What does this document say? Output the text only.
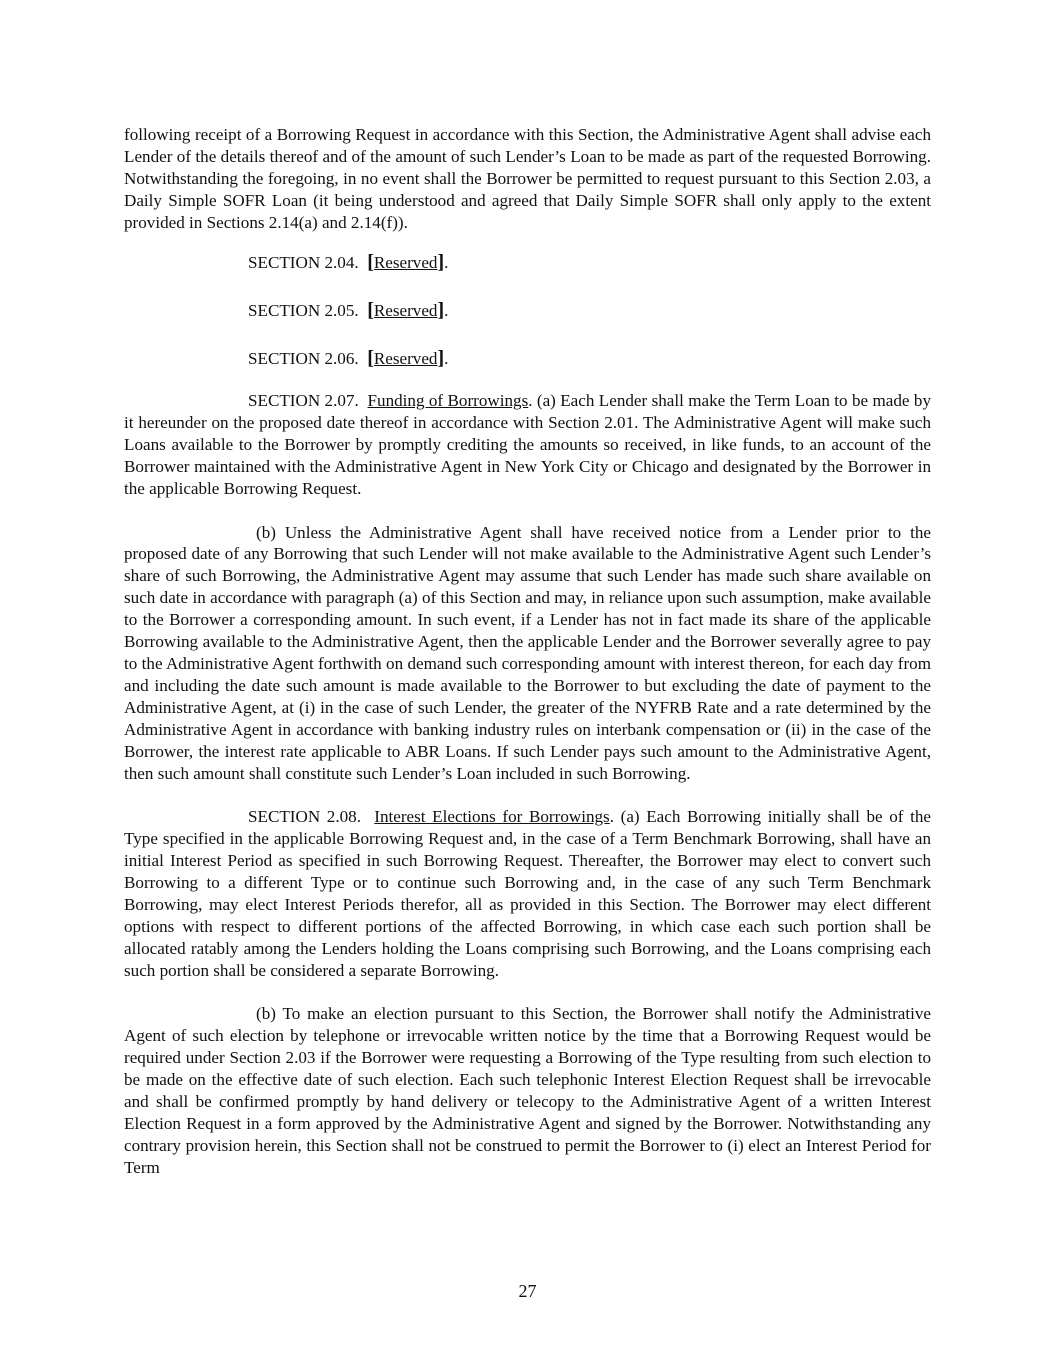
following receipt of a Borrowing Request in accordance with this Section, the Administrative Agent shall advise each Lender of the details thereof and of the amount of such Lender’s Loan to be made as part of the requested Borrowing. Notwithstanding the foregoing, in no event shall the Borrower be permitted to request pursuant to this Section 2.03, a Daily Simple SOFR Loan (it being understood and agreed that Daily Simple SOFR shall only apply to the extent provided in Sections 2.14(a) and 2.14(f)).

SECTION 2.04. [Reserved].

SECTION 2.05. [Reserved].

SECTION 2.06. [Reserved].

SECTION 2.07. Funding of Borrowings. (a) Each Lender shall make the Term Loan to be made by it hereunder on the proposed date thereof in accordance with Section 2.01. The Administrative Agent will make such Loans available to the Borrower by promptly crediting the amounts so received, in like funds, to an account of the Borrower maintained with the Administrative Agent in New York City or Chicago and designated by the Borrower in the applicable Borrowing Request.

(b) Unless the Administrative Agent shall have received notice from a Lender prior to the proposed date of any Borrowing that such Lender will not make available to the Administrative Agent such Lender’s share of such Borrowing, the Administrative Agent may assume that such Lender has made such share available on such date in accordance with paragraph (a) of this Section and may, in reliance upon such assumption, make available to the Borrower a corresponding amount. In such event, if a Lender has not in fact made its share of the applicable Borrowing available to the Administrative Agent, then the applicable Lender and the Borrower severally agree to pay to the Administrative Agent forthwith on demand such corresponding amount with interest thereon, for each day from and including the date such amount is made available to the Borrower to but excluding the date of payment to the Administrative Agent, at (i) in the case of such Lender, the greater of the NYFRB Rate and a rate determined by the Administrative Agent in accordance with banking industry rules on interbank compensation or (ii) in the case of the Borrower, the interest rate applicable to ABR Loans. If such Lender pays such amount to the Administrative Agent, then such amount shall constitute such Lender’s Loan included in such Borrowing.

SECTION 2.08. Interest Elections for Borrowings. (a) Each Borrowing initially shall be of the Type specified in the applicable Borrowing Request and, in the case of a Term Benchmark Borrowing, shall have an initial Interest Period as specified in such Borrowing Request. Thereafter, the Borrower may elect to convert such Borrowing to a different Type or to continue such Borrowing and, in the case of any such Term Benchmark Borrowing, may elect Interest Periods therefor, all as provided in this Section. The Borrower may elect different options with respect to different portions of the affected Borrowing, in which case each such portion shall be allocated ratably among the Lenders holding the Loans comprising such Borrowing, and the Loans comprising each such portion shall be considered a separate Borrowing.

(b) To make an election pursuant to this Section, the Borrower shall notify the Administrative Agent of such election by telephone or irrevocable written notice by the time that a Borrowing Request would be required under Section 2.03 if the Borrower were requesting a Borrowing of the Type resulting from such election to be made on the effective date of such election. Each such telephonic Interest Election Request shall be irrevocable and shall be confirmed promptly by hand delivery or telecopy to the Administrative Agent of a written Interest Election Request in a form approved by the Administrative Agent and signed by the Borrower. Notwithstanding any contrary provision herein, this Section shall not be construed to permit the Borrower to (i) elect an Interest Period for Term

27
